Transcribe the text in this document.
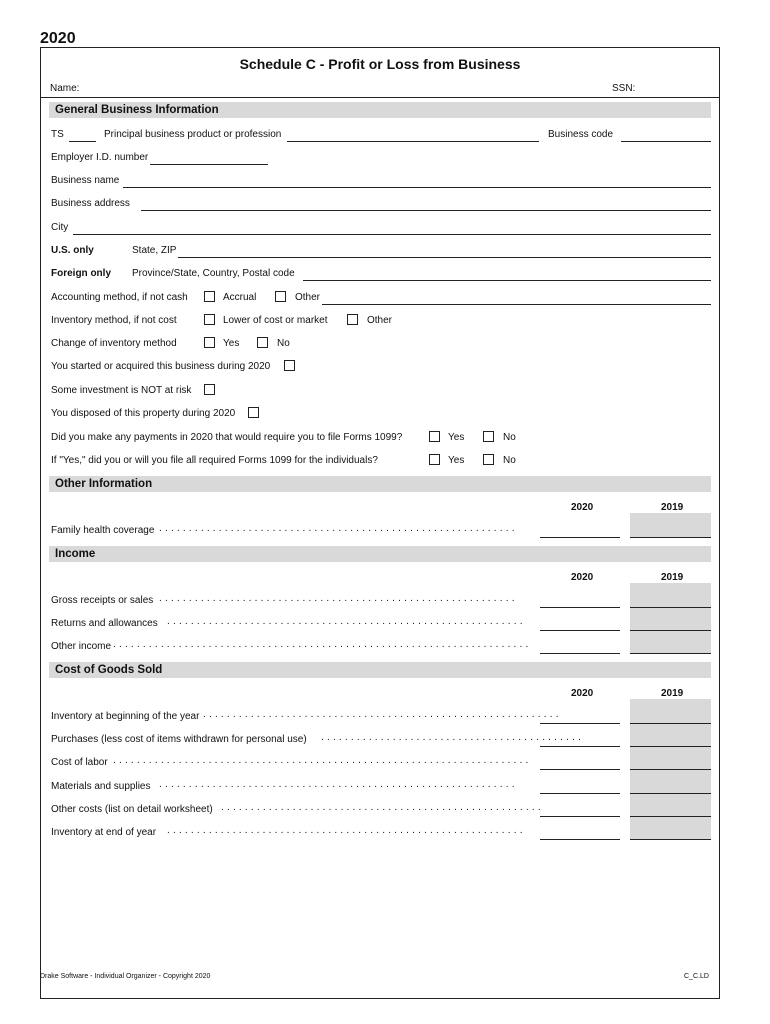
2020
Schedule C - Profit or Loss from Business
Name:	SSN:
General Business Information
TS	Principal business product or profession	Business code
Employer I.D. number
Business name
Business address
City
U.S. only	State, ZIP
Foreign only Province/State, Country, Postal code
Accounting method, if not cash	Accrual	Other
Inventory method, if not cost	Lower of cost or market	Other
Change of inventory method	Yes	No
You started or acquired this business during 2020
Some investment is NOT at risk
You disposed of this property during 2020
Did you make any payments in 2020 that would require you to file Forms 1099?	Yes	No
If "Yes," did you or will you file all required Forms 1099 for the individuals?	Yes	No
Other Information
2020	2019
Family health coverage ............................................................
Income
2020	2019
Gross receipts or sales ............................................................
Returns and allowances ............................................................
Other income ......................................................................
Cost of Goods Sold
2020	2019
Inventory at beginning of the year ............................................................
Purchases (less cost of items withdrawn for personal use) ............................................
Cost of labor ......................................................................
Materials and supplies ............................................................
Other costs (list on detail worksheet) ......................................................
Inventory at end of year ............................................................
Drake Software - Individual Organizer - Copyright 2020	C_C.LD
